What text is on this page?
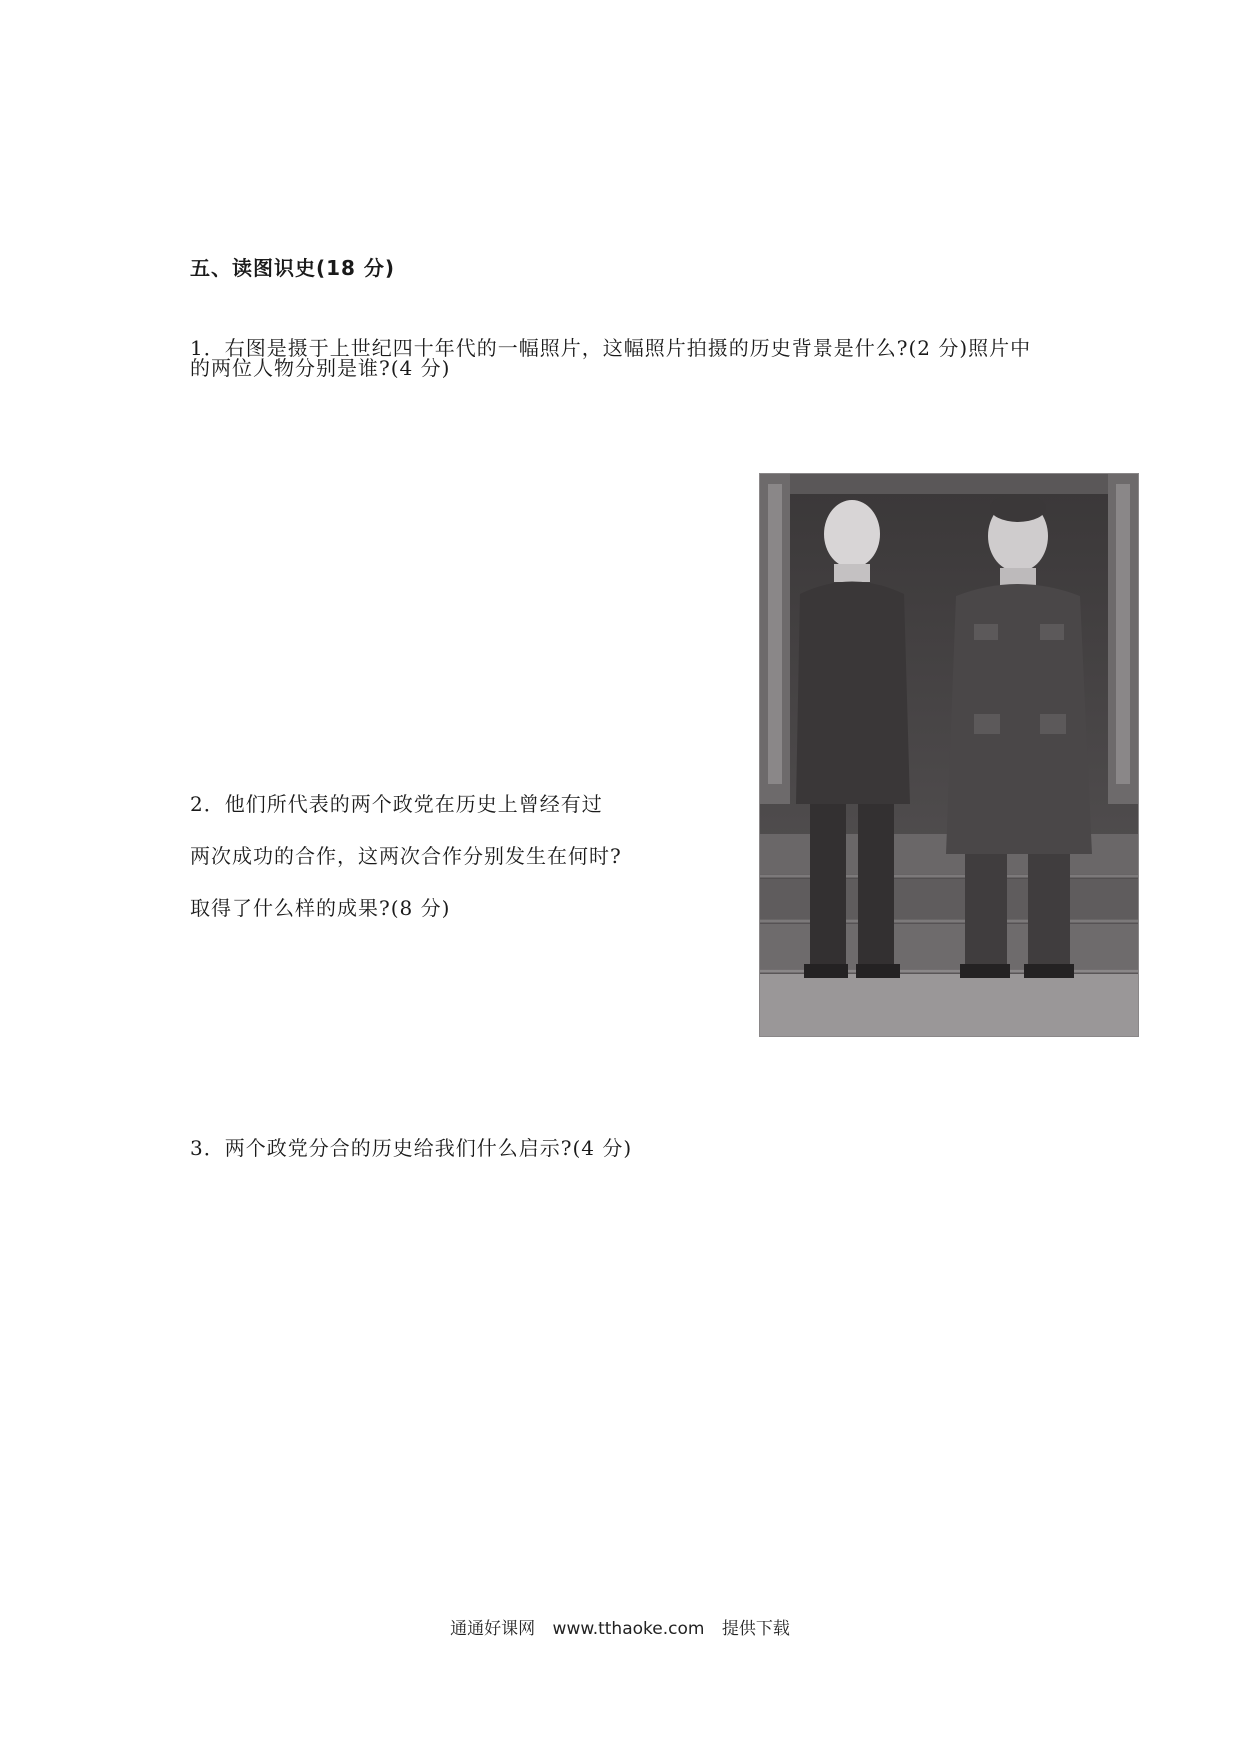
五、读图识史(18 分)
1．右图是摄于上世纪四十年代的一幅照片，这幅照片拍摄的历史背景是什么?(2 分)照片中
的两位人物分别是谁?(4 分)
2．他们所代表的两个政党在历史上曾经有过
两次成功的合作，这两次合作分别发生在何时?
取得了什么样的成果?(8 分)
3．两个政党分合的历史给我们什么启示?(4 分)
通通好课网 www.tthaoke.com 提供下载
